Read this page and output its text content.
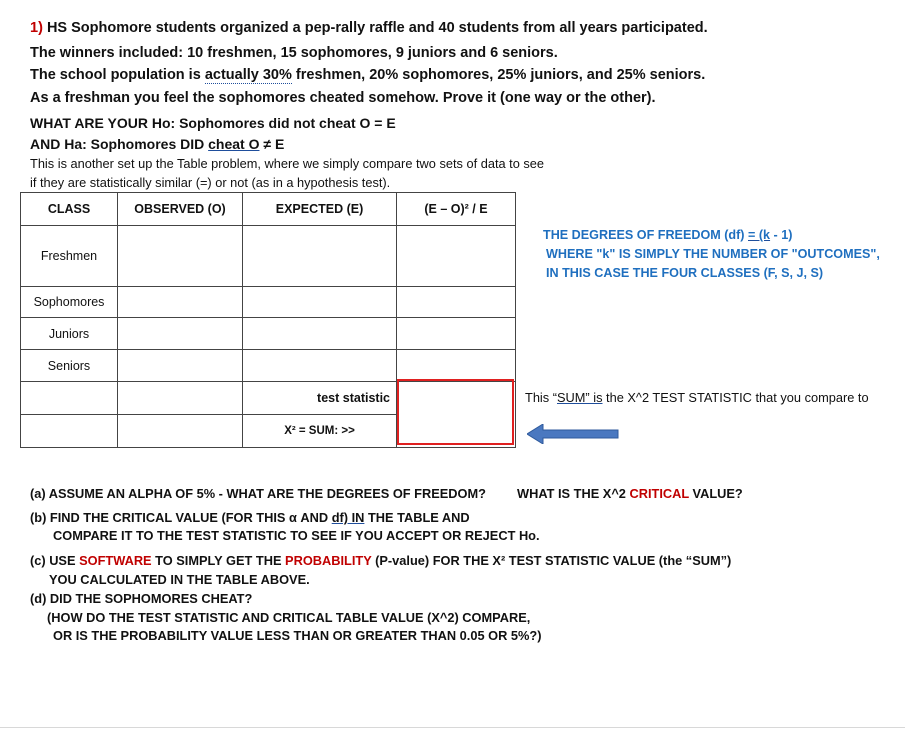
1) HS Sophomore students organized a pep-rally raffle and 40 students from all years participated.
The winners included: 10 freshmen, 15 sophomores, 9 juniors and 6 seniors.
The school population is actually 30% freshmen, 20% sophomores, 25% juniors, and 25% seniors.
As a freshman you feel the sophomores cheated somehow. Prove it (one way or the other).
WHAT ARE YOUR Ho: Sophomores did not cheat O = E
AND Ha: Sophomores DID cheat O ≠ E
This is another set up the Table problem, where we simply compare two sets of data to see
if they are statistically similar (=) or not (as in a hypothesis test).
CLASS	OBSERVED (O)	EXPECTED (E)	(E – O)² / E
Freshmen			
Sophomores			
Juniors			
Seniors			
		test statistic	
		X² = SUM: >>	
THE DEGREES OF FREEDOM (df) = (k - 1)
WHERE "k" IS SIMPLY THE NUMBER OF "OUTCOMES",
IN THIS CASE THE FOUR CLASSES (F, S, J, S)
This “SUM” is the X^2 TEST STATISTIC that you compare to
(a) ASSUME AN ALPHA OF 5% - WHAT ARE THE DEGREES OF FREEDOM? WHAT IS THE X^2 CRITICAL VALUE?
(b) FIND THE CRITICAL VALUE (FOR THIS α AND df) IN THE TABLE AND
COMPARE IT TO THE TEST STATISTIC TO SEE IF YOU ACCEPT OR REJECT Ho.
(c) USE SOFTWARE TO SIMPLY GET THE PROBABILITY (P-value) FOR THE X² TEST STATISTIC VALUE (the “SUM”)
YOU CALCULATED IN THE TABLE ABOVE.
(d) DID THE SOPHOMORES CHEAT?
(HOW DO THE TEST STATISTIC AND CRITICAL TABLE VALUE (X^2) COMPARE,
OR IS THE PROBABILITY VALUE LESS THAN OR GREATER THAN 0.05 OR 5%?)
